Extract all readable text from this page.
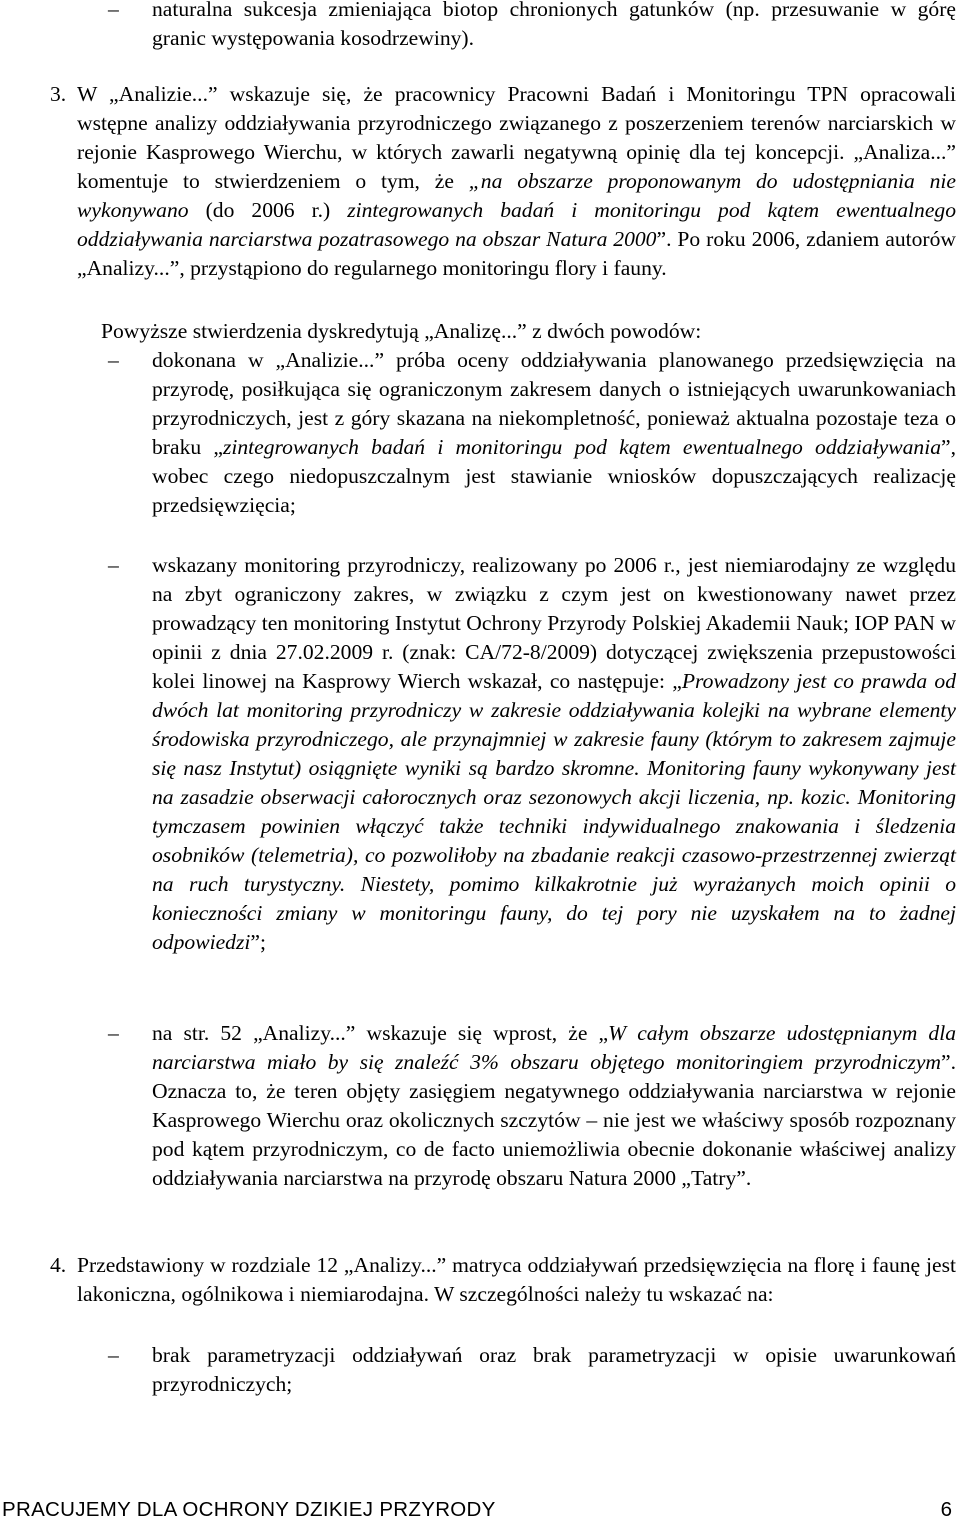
–	naturalna sukcesja zmieniająca biotop chronionych gatunków (np. przesuwanie w górę granic występowania kosodrzewiny).
3. W „Analizie...” wskazuje się, że pracownicy Pracowni Badań i Monitoringu TPN opracowali wstępne analizy oddziaływania przyrodniczego związanego z poszerzeniem terenów narciarskich w rejonie Kasprowego Wierchu, w których zawarli negatywną opinię dla tej koncepcji. „Analiza...” komentuje to stwierdzeniem o tym, że „na obszarze proponowanym do udostępniania nie wykonywano (do 2006 r.) zintegrowanych badań i monitoringu pod kątem ewentualnego oddziaływania narciarstwa pozatrasowego na obszar Natura 2000”. Po roku 2006, zdaniem autorów „Analizy...”, przystąpiono do regularnego monitoringu flory i fauny.
Powyższe stwierdzenia dyskredytują „Analizę...” z dwóch powodów:
–	dokonana w „Analizie...” próba oceny oddziaływania planowanego przedsięwzięcia na przyrodę, posiłkująca się ograniczonym zakresem danych o istniejących uwarunkowaniach przyrodniczych, jest z góry skazana na niekompletność, ponieważ aktualna pozostaje teza o braku „zintegrowanych badań i monitoringu pod kątem ewentualnego oddziaływania”, wobec czego niedopuszczalnym jest stawianie wniosków dopuszczających realizację przedsięwzięcia;
–	wskazany monitoring przyrodniczy, realizowany po 2006 r., jest niemiarodajny ze względu na zbyt ograniczony zakres, w związku z czym jest on kwestionowany nawet przez prowadzący ten monitoring Instytut Ochrony Przyrody Polskiej Akademii Nauk; IOP PAN w opinii z dnia 27.02.2009 r. (znak: CA/72-8/2009) dotyczącej zwiększenia przepustowości kolei linowej na Kasprowy Wierch wskazał, co następuje: „Prowadzony jest co prawda od dwóch lat monitoring przyrodniczy w zakresie oddziaływania kolejki na wybrane elementy środowiska przyrodniczego, ale przynajmniej w zakresie fauny (którym to zakresem zajmuje się nasz Instytut) osiągnięte wyniki są bardzo skromne. Monitoring fauny wykonywany jest na zasadzie obserwacji całorocznych oraz sezonowych akcji liczenia, np. kozic. Monitoring tymczasem powinien włączyć także techniki indywidualnego znakowania i śledzenia osobników (telemetria), co pozwoliłoby na zbadanie reakcji czasowo-przestrzennej zwierząt na ruch turystyczny. Niestety, pomimo kilkakrotnie już wyrażanych moich opinii o konieczności zmiany w monitoringu fauny, do tej pory nie uzyskałem na to żadnej odpowiedzi”;
–	na str. 52 „Analizy...” wskazuje się wprost, że „W całym obszarze udostępnianym dla narciarstwa miało by się znaleźć 3% obszaru objętego monitoringiem przyrodniczym”. Oznacza to, że teren objęty zasięgiem negatywnego oddziaływania narciarstwa w rejonie Kasprowego Wierchu oraz okolicznych szczytów – nie jest we właściwy sposób rozpoznany pod kątem przyrodniczym, co de facto uniemożliwia obecnie dokonanie właściwej analizy oddziaływania narciarstwa na przyrodę obszaru Natura 2000 „Tatry”.
4. Przedstawiony w rozdziale 12 „Analizy...” matryca oddziaływań przedsięwzięcia na florę i faunę jest lakoniczna, ogólnikowa i niemiarodajna. W szczególności należy tu wskazać na:
–	brak parametryzacji oddziaływań oraz brak parametryzacji w opisie uwarunkowań przyrodniczych;
PRACUJEMY DLA OCHRONY DZIKIEJ PRZYRODY	6
